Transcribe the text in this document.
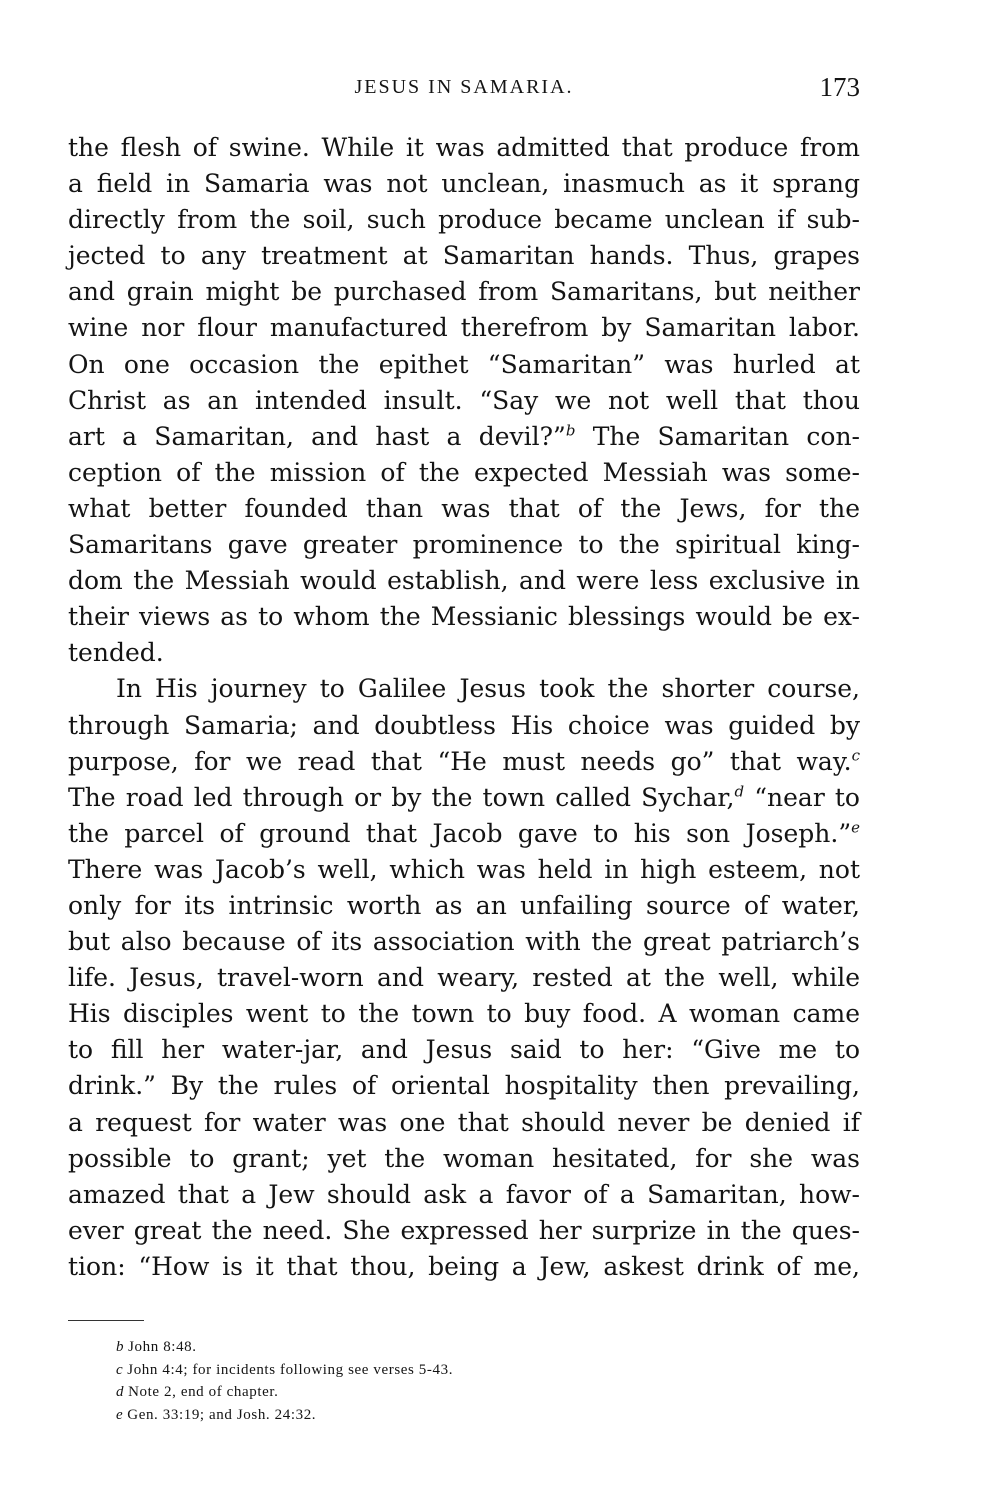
JESUS IN SAMARIA.	173
the flesh of swine. While it was admitted that produce from
a field in Samaria was not unclean, inasmuch as it sprang
directly from the soil, such produce became unclean if sub-
jected to any treatment at Samaritan hands. Thus, grapes
and grain might be purchased from Samaritans, but neither
wine nor flour manufactured therefrom by Samaritan labor.
On one occasion the epithet “Samaritan” was hurled at
Christ as an intended insult. “Say we not well that thou
art a Samaritan, and hast a devil?”$^b$ The Samaritan con-
ception of the mission of the expected Messiah was some-
what better founded than was that of the Jews, for the
Samaritans gave greater prominence to the spiritual king-
dom the Messiah would establish, and were less exclusive in
their views as to whom the Messianic blessings would be ex-
tended.
In His journey to Galilee Jesus took the shorter course,
through Samaria; and doubtless His choice was guided by
purpose, for we read that “He must needs go” that way.$^c$
The road led through or by the town called Sychar,$^d$ “near to
the parcel of ground that Jacob gave to his son Joseph.”$^e$
There was Jacob’s well, which was held in high esteem, not
only for its intrinsic worth as an unfailing source of water,
but also because of its association with the great patriarch’s
life. Jesus, travel-worn and weary, rested at the well, while
His disciples went to the town to buy food. A woman came
to fill her water-jar, and Jesus said to her: “Give me to
drink.” By the rules of oriental hospitality then prevailing,
a request for water was one that should never be denied if
possible to grant; yet the woman hesitated, for she was
amazed that a Jew should ask a favor of a Samaritan, how-
ever great the need. She expressed her surprize in the ques-
tion: “How is it that thou, being a Jew, askest drink of me,
b John 8:48.
c John 4:4; for incidents following see verses 5-43.
d Note 2, end of chapter.
e Gen. 33:19; and Josh. 24:32.
